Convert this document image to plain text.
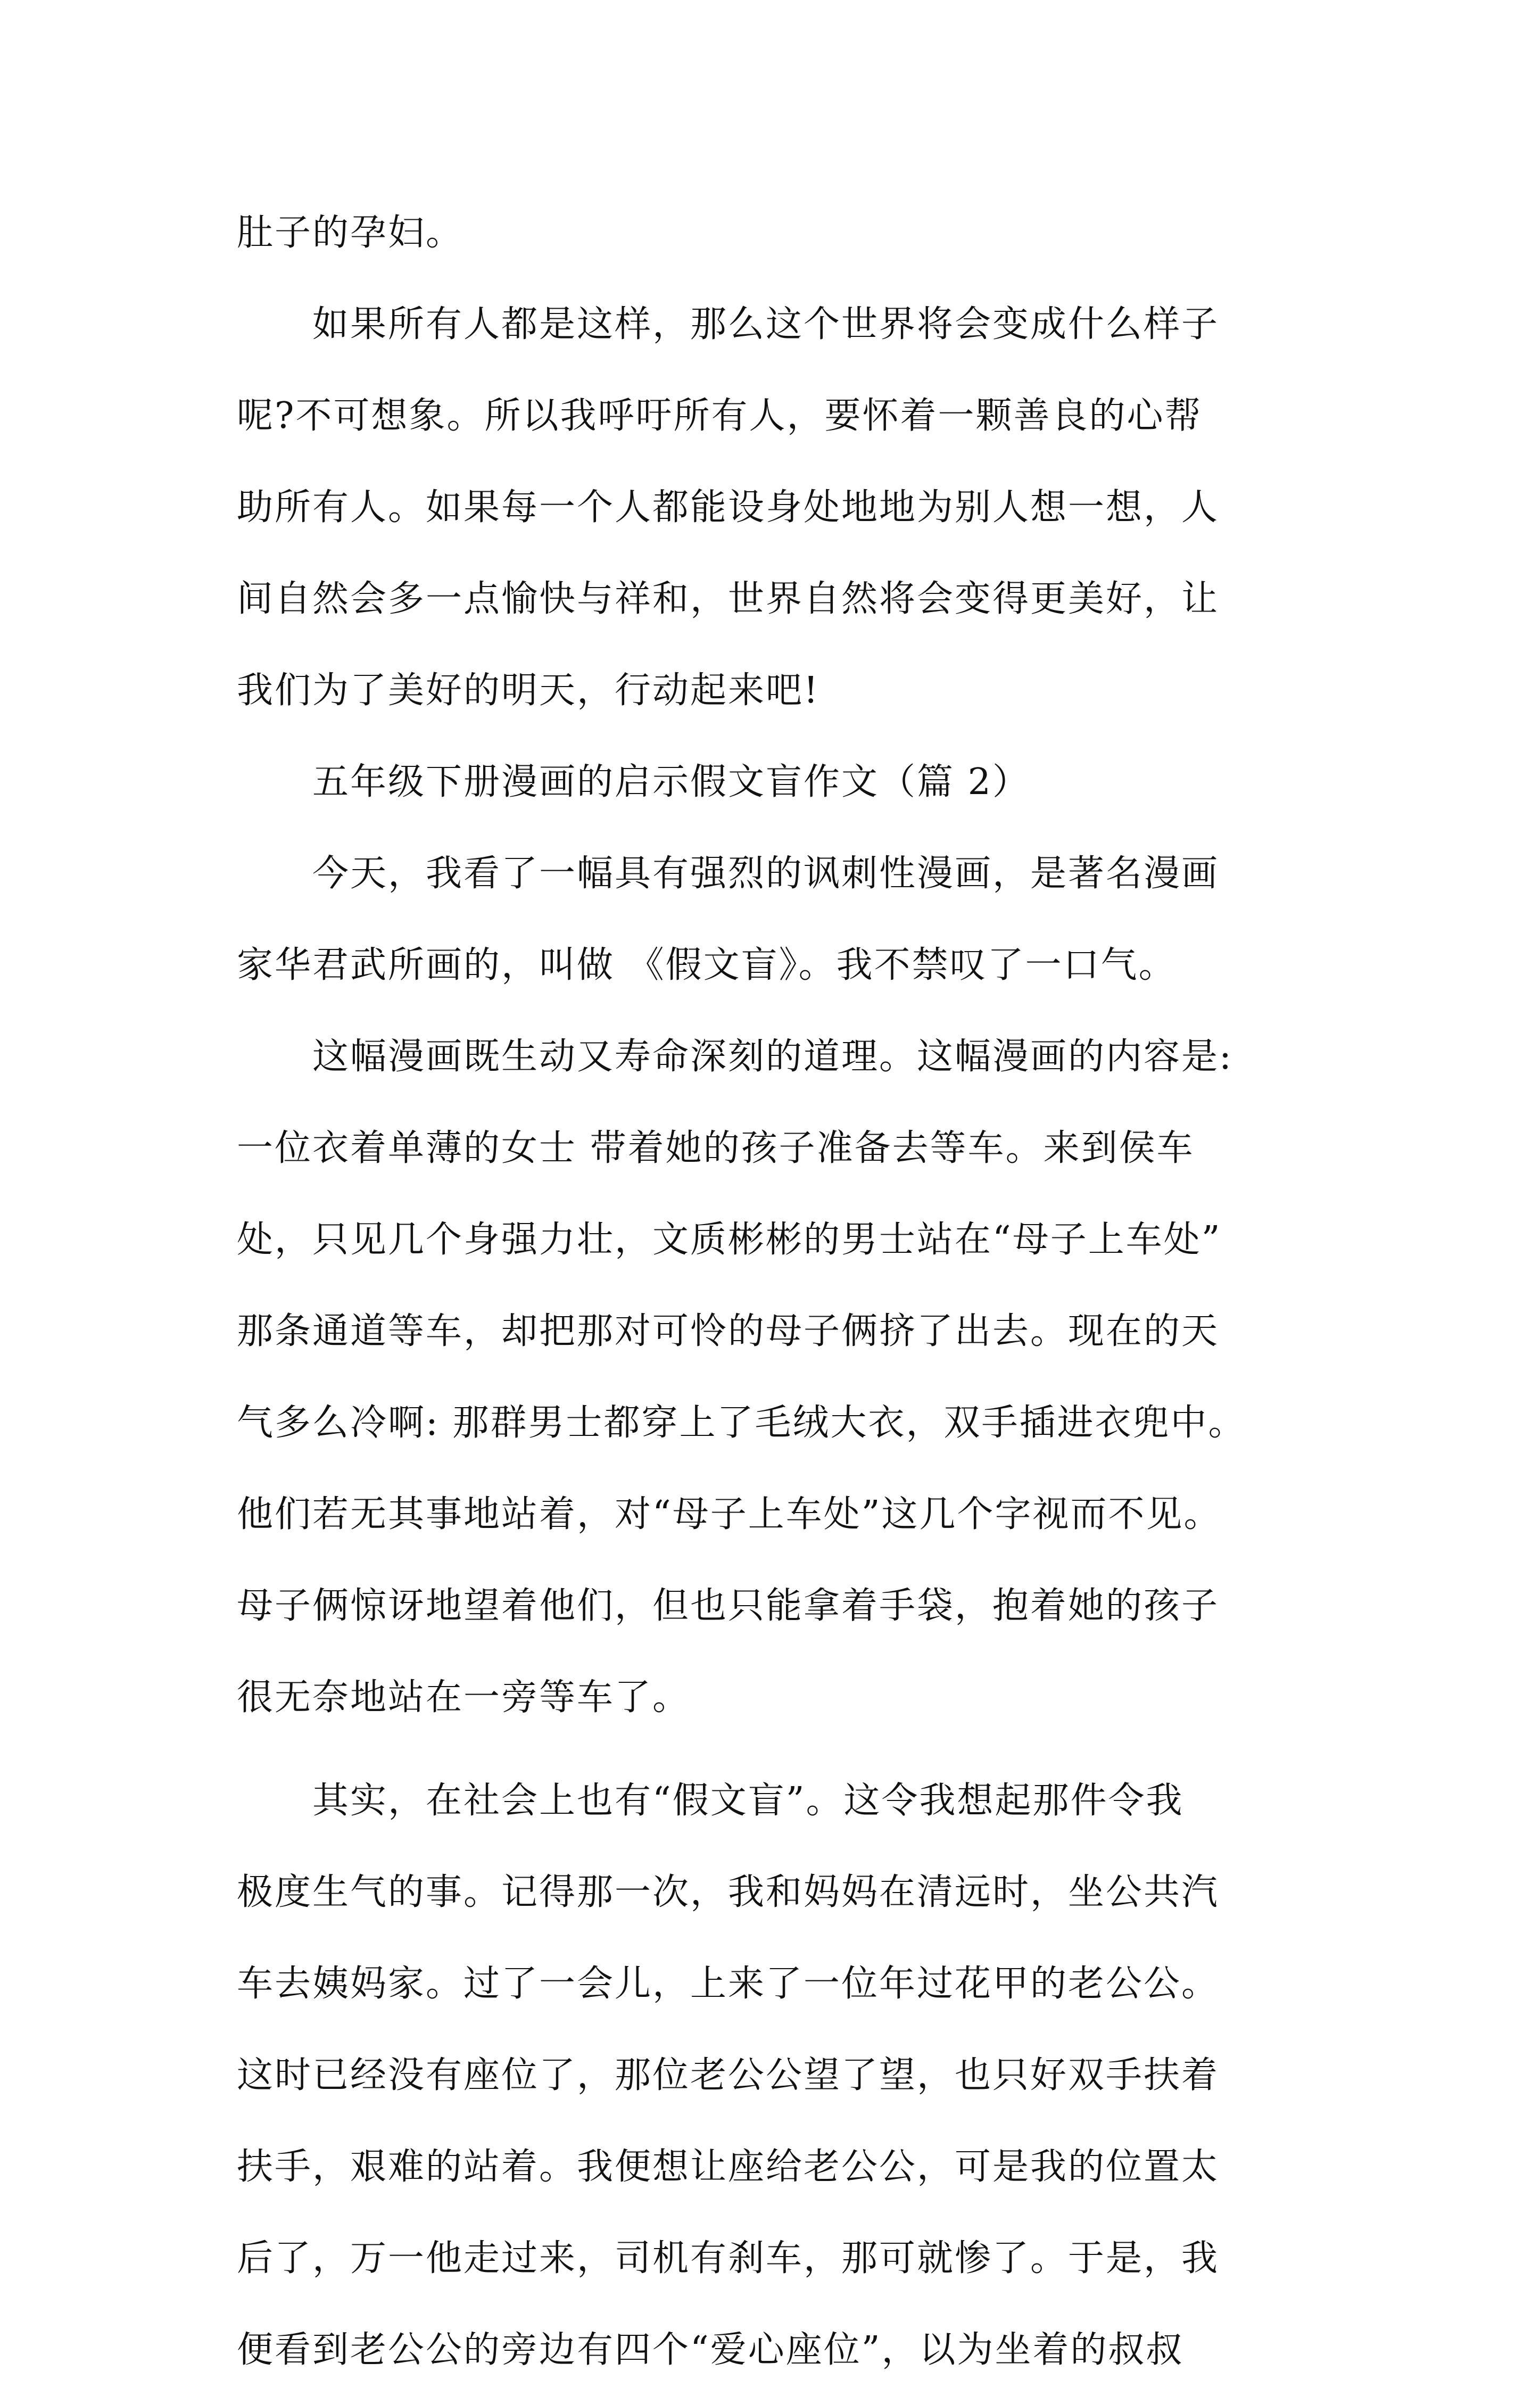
肚子的孕妇。
　　如果所有人都是这样，那么这个世界将会变成什么样子
呢?不可想象。所以我呼吁所有人，要怀着一颗善良的心帮
助所有人。如果每一个人都能设身处地地为别人想一想，人
间自然会多一点愉快与祥和，世界自然将会变得更美好，让
我们为了美好的明天，行动起来吧!
　　五年级下册漫画的启示假文盲作文（篇 2）
　　今天，我看了一幅具有强烈的讽刺性漫画，是著名漫画
家华君武所画的，叫做 《假文盲》。我不禁叹了一口气。
　　这幅漫画既生动又寿命深刻的道理。这幅漫画的内容是:
一位衣着单薄的女士 带着她的孩子准备去等车。来到侯车
处，只见几个身强力壮，文质彬彬的男士站在“母子上车处”
那条通道等车，却把那对可怜的母子俩挤了出去。现在的天
气多么冷啊: 那群男士都穿上了毛绒大衣，双手插进衣兜中。
他们若无其事地站着，对“母子上车处”这几个字视而不见。
母子俩惊讶地望着他们，但也只能拿着手袋，抱着她的孩子
很无奈地站在一旁等车了。
　　其实，在社会上也有“假文盲”。这令我想起那件令我
极度生气的事。记得那一次，我和妈妈在清远时，坐公共汽
车去姨妈家。过了一会儿，上来了一位年过花甲的老公公。
这时已经没有座位了，那位老公公望了望，也只好双手扶着
扶手，艰难的站着。我便想让座给老公公，可是我的位置太
后了，万一他走过来，司机有刹车，那可就惨了。于是，我
便看到老公公的旁边有四个“爱心座位”，以为坐着的叔叔
